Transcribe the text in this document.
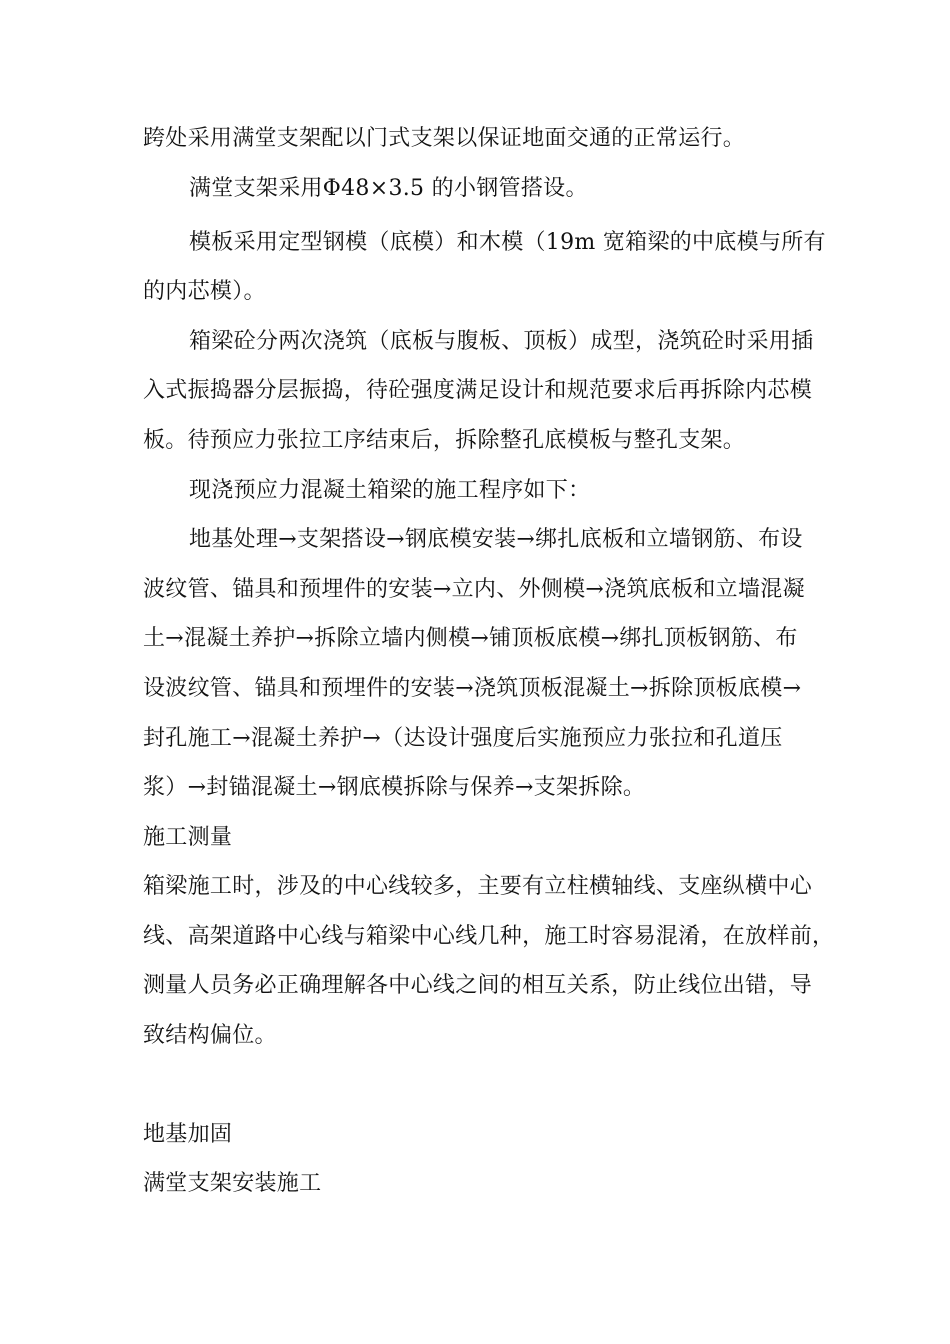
跨处采用满堂支架配以门式支架以保证地面交通的正常运行。
满堂支架采用Φ48×3.5 的小钢管搭设。
模板采用定型钢模（底模）和木模（19m 宽箱梁的中底模与所有
的内芯模）。
箱梁砼分两次浇筑（底板与腹板、顶板）成型，浇筑砼时采用插
入式振捣器分层振捣，待砼强度满足设计和规范要求后再拆除内芯模
板。待预应力张拉工序结束后，拆除整孔底模板与整孔支架。
现浇预应力混凝土箱梁的施工程序如下：
地基处理→支架搭设→钢底模安装→绑扎底板和立墙钢筋、布设
波纹管、锚具和预埋件的安装→立内、外侧模→浇筑底板和立墙混凝
土→混凝土养护→拆除立墙内侧模→铺顶板底模→绑扎顶板钢筋、布
设波纹管、锚具和预埋件的安装→浇筑顶板混凝土→拆除顶板底模→
封孔施工→混凝土养护→（达设计强度后实施预应力张拉和孔道压
浆）→封锚混凝土→钢底模拆除与保养→支架拆除。
施工测量
箱梁施工时，涉及的中心线较多，主要有立柱横轴线、支座纵横中心
线、高架道路中心线与箱梁中心线几种，施工时容易混淆，在放样前，
测量人员务必正确理解各中心线之间的相互关系，防止线位出错，导
致结构偏位。
地基加固
满堂支架安装施工
